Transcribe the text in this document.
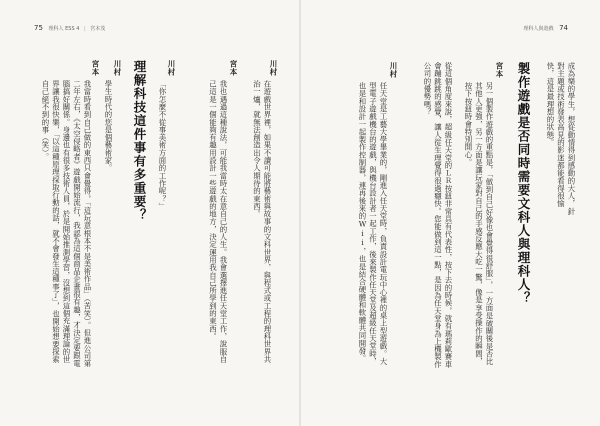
75 理科人 ESS 4 | 宮本茂
川村
在遊戲世界裡，如果不讀可能將藝術與故事的文科世界，與程式或工程的理科世界共治一爐，就無法創造出令人期待的東西。
宮本
我也遇過這種說法，可能我當時太在意自己的人生。我會選擇進任天堂工作，說服自己這是一個能夠有趣用設計一些遊戲的地方，決定運用我自己所學到的東西。
川村
「你怎麼不從事美術方面的工作呢？」
理解科技這件事有多重要？
川村
學生時代的您是個藝術家。
宮本
我當時看到自己做的東西只會覺得，「這玩意根本不是美術作品」（苦笑）。但進公司第二年左右，《太空侵略者》遊戲開始流行，我認為這個商品企畫很有趣，才決定要跟電腦搞好關係。身邊也有很多技術人員，於是開始推測學習，沒想到這個充滿理論的世界讓我很快樂，「以這種原理採取行動的話，就不會發生這種事了」，也開始想要探索自己絕不到的事（笑）。
理科人與遊戲 74
成為樂的學生，想從動情得到感動的大人，針對主題或技術發表高見的影迷都能看得很愉快，這是最理想的狀態。
製作遊戲是否同時需要文科人與理科人？
宮本
另一個製作遊戲的重點是，「做到自己好像也會覺得很舒服」，一方面是破關後是否比其他人更強，另一方面是讓玩家對自己的手感反應大吃一驚，像是享受操作的瞬間，按下按鈕時會特別開心。
從這個角度來說，超級任天堂的ＬＲ按鈕非常具有代表性，按下去的時候，就有瑪莉歐賽車會蹦跳跳的感覺，讓人從生理覺得很過癮快。您能做到這一點，是因為任天堂身為上機製作公司的優勢嗎？
川村
任天堂是工藝大學畢業的，剛進入任天堂時，負責設計電玩中心裡的桌上型遊戲。大型電子遊戲機台的遊戲，與機台設計者一起工作，後來製作任天堂及超級任天堂時，也是和設計一起製作控制器，連再後來的Wii，也是結合硬體和軟體共同開發。
